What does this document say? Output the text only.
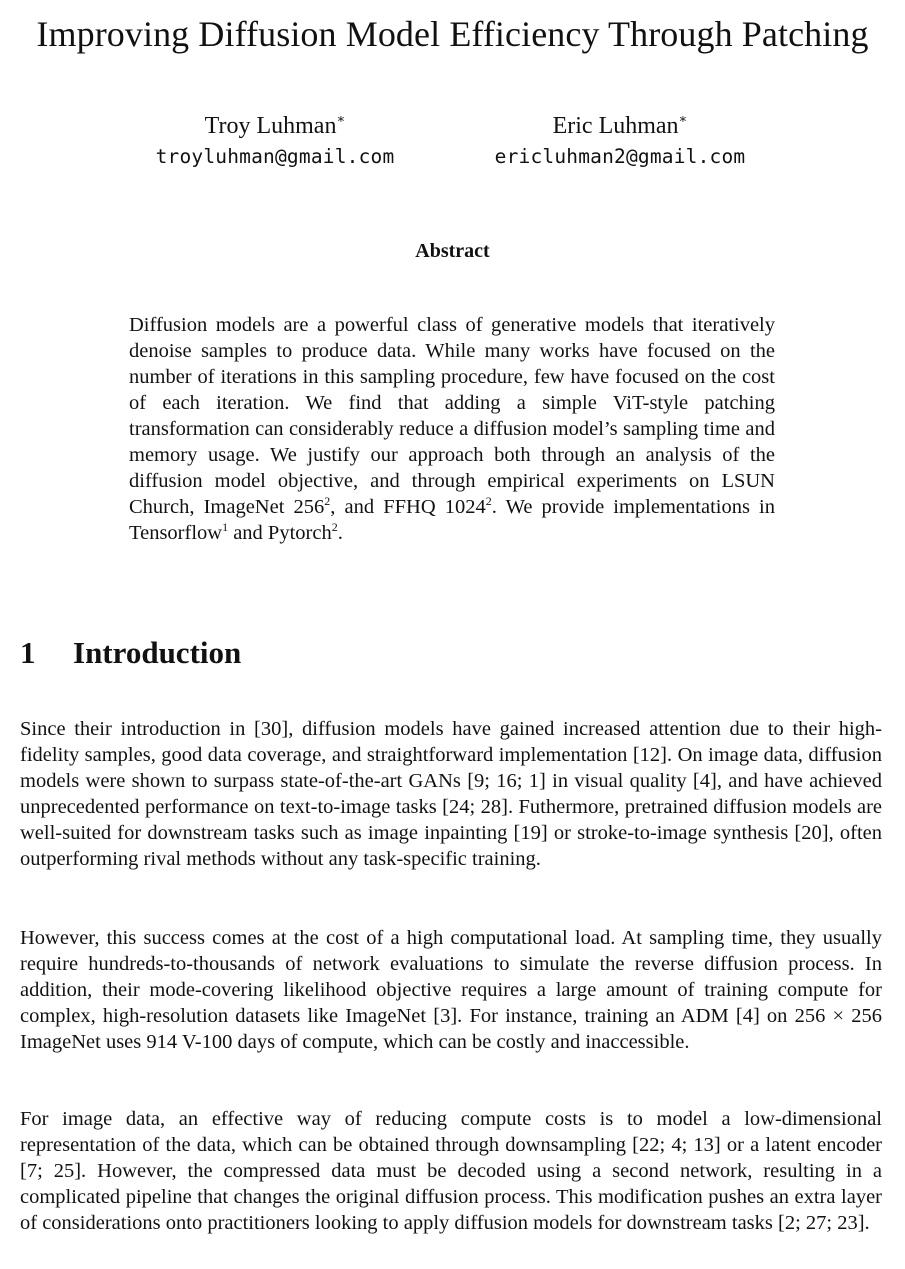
Improving Diffusion Model Efficiency Through Patching
Troy Luhman∗
troyluhman@gmail.com
Eric Luhman∗
ericluhman2@gmail.com
Abstract

Diffusion models are a powerful class of generative models that iteratively denoise samples to produce data. While many works have focused on the number of iterations in this sampling procedure, few have focused on the cost of each iteration. We find that adding a simple ViT-style patching transformation can considerably reduce a diffusion model’s sampling time and memory usage. We justify our approach both through an analysis of the diffusion model objective, and through empirical experiments on LSUN Church, ImageNet $256^2$, and FFHQ 1024$^2$. We provide implementations in Tensorflow$^1$ and Pytorch$^2$.

1 Introduction

Since their introduction in [30], diffusion models have gained increased attention due to their high-fidelity samples, good data coverage, and straightforward implementation [12]. On image data, diffusion models were shown to surpass state-of-the-art GANs [9; 16; 1] in visual quality [4], and have achieved unprecedented performance on text-to-image tasks [24; 28]. Futhermore, pretrained diffusion models are well-suited for downstream tasks such as image inpainting [19] or stroke-to-image synthesis [20], often outperforming rival methods without any task-specific training.

However, this success comes at the cost of a high computational load. At sampling time, they usually require hundreds-to-thousands of network evaluations to simulate the reverse diffusion process. In addition, their mode-covering likelihood objective requires a large amount of training compute for complex, high-resolution datasets like ImageNet [3]. For instance, training an ADM [4] on 256 × 256 ImageNet uses 914 V-100 days of compute, which can be costly and inaccessible.

For image data, an effective way of reducing compute costs is to model a low-dimensional representation of the data, which can be obtained through downsampling [22; 4; 13] or a latent encoder [7; 25]. However, the compressed data must be decoded using a second network, resulting in a complicated pipeline that changes the original diffusion process. This modification pushes an extra layer of considerations onto practitioners looking to apply diffusion models for downstream tasks [2; 27; 23].
